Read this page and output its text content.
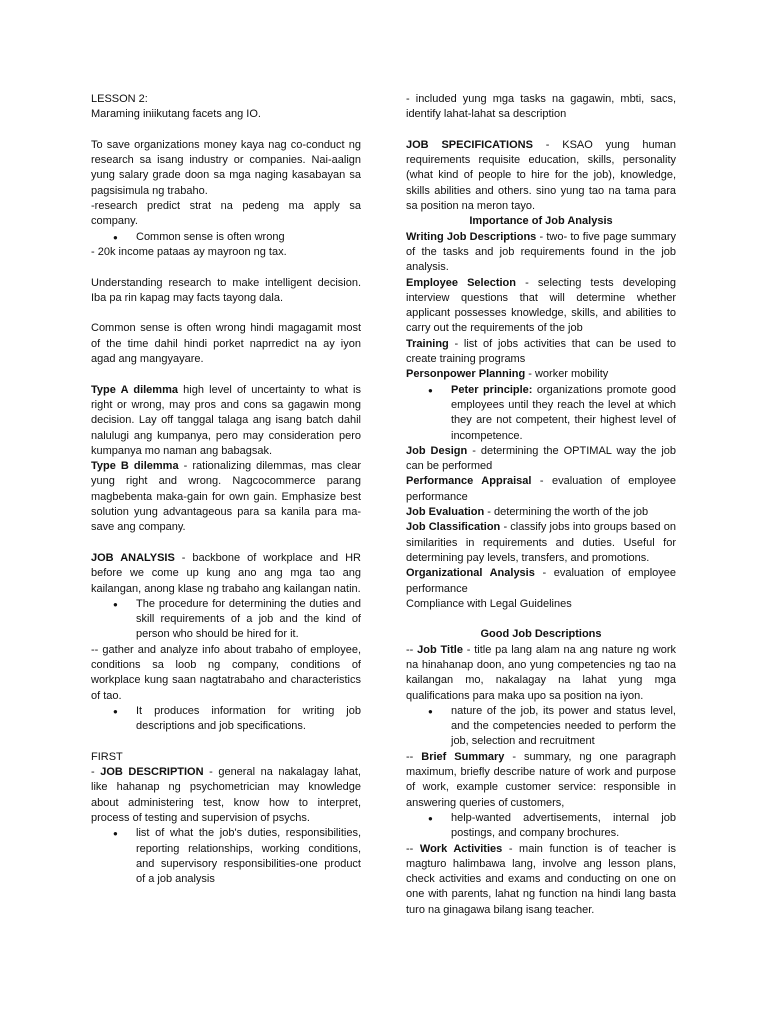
LESSON 2:

Maraming iniikutang facets ang IO.

To save organizations money kaya nag co-conduct ng research sa isang industry or companies. Nai-aalign yung salary grade doon sa mga naging kasabayan sa pagsisimula ng trabaho.

-research predict strat na pedeng ma apply sa company.

● Common sense is often wrong

- 20k income pataas ay mayroon ng tax.

Understanding research to make intelligent decision. Iba pa rin kapag may facts tayong dala.

Common sense is often wrong hindi magagamit most of the time dahil hindi porket naprredict na ay iyon agad ang mangyayare.

Type A dilemma high level of uncertainty to what is right or wrong, may pros and cons sa gagawin mong decision. Lay off tanggal talaga ang isang batch dahil nalulugi ang kumpanya, pero may consideration pero kumpanya mo naman ang babagsak.

Type B dilemma - rationalizing dilemmas, mas clear yung right and wrong. Nagcocommerce parang magbebenta maka-gain for own gain. Emphasize best solution yung advantageous para sa kanila para ma-save ang company.

JOB ANALYSIS - backbone of workplace and HR before we come up kung ano ang mga tao ang kailangan, anong klase ng trabaho ang kailangan natin.

● The procedure for determining the duties and skill requirements of a job and the kind of person who should be hired for it.

-- gather and analyze info about trabaho of employee, conditions sa loob ng company, conditions of workplace kung saan nagtatrabaho and characteristics of tao.

● It produces information for writing job descriptions and job specifications.

FIRST

- JOB DESCRIPTION - general na nakalagay lahat, like hahanap ng psychometrician may knowledge about administering test, know how to interpret, process of testing and supervision of psychs.

● list of what the job's duties, responsibilities, reporting relationships, working conditions, and supervisory responsibilities-one product of a job analysis

- included yung mga tasks na gagawin, mbti, sacs, identify lahat-lahat sa description

JOB SPECIFICATIONS - KSAO yung human requirements requisite education, skills, personality (what kind of people to hire for the job), knowledge, skills abilities and others. sino yung tao na tama para sa position na meron tayo.

Importance of Job Analysis

Writing Job Descriptions - two- to five page summary of the tasks and job requirements found in the job analysis.

Employee Selection - selecting tests developing interview questions that will determine whether applicant possesses knowledge, skills, and abilities to carry out the requirements of the job

Training - list of jobs activities that can be used to create training programs

Personpower Planning - worker mobility

● Peter principle: organizations promote good employees until they reach the level at which they are not competent, their highest level of incompetence.

Job Design - determining the OPTIMAL way the job can be performed

Performance Appraisal - evaluation of employee performance

Job Evaluation - determining the worth of the job

Job Classification - classify jobs into groups based on similarities in requirements and duties. Useful for determining pay levels, transfers, and promotions.

Organizational Analysis - evaluation of employee performance

Compliance with Legal Guidelines

Good Job Descriptions

-- Job Title - title pa lang alam na ang nature ng work na hinahanap doon, ano yung competencies ng tao na kailangan mo, nakalagay na lahat yung mga qualifications para maka upo sa position na iyon.

● nature of the job, its power and status level, and the competencies needed to perform the job, selection and recruitment

-- Brief Summary - summary, ng one paragraph maximum, briefly describe nature of work and purpose of work, example customer service: responsible in answering queries of customers,

● help-wanted advertisements, internal job postings, and company brochures.

-- Work Activities - main function is of teacher is magturo halimbawa lang, involve ang lesson plans, check activities and exams and conducting on one on one with parents, lahat ng function na hindi lang basta turo na ginagawa bilang isang teacher.
